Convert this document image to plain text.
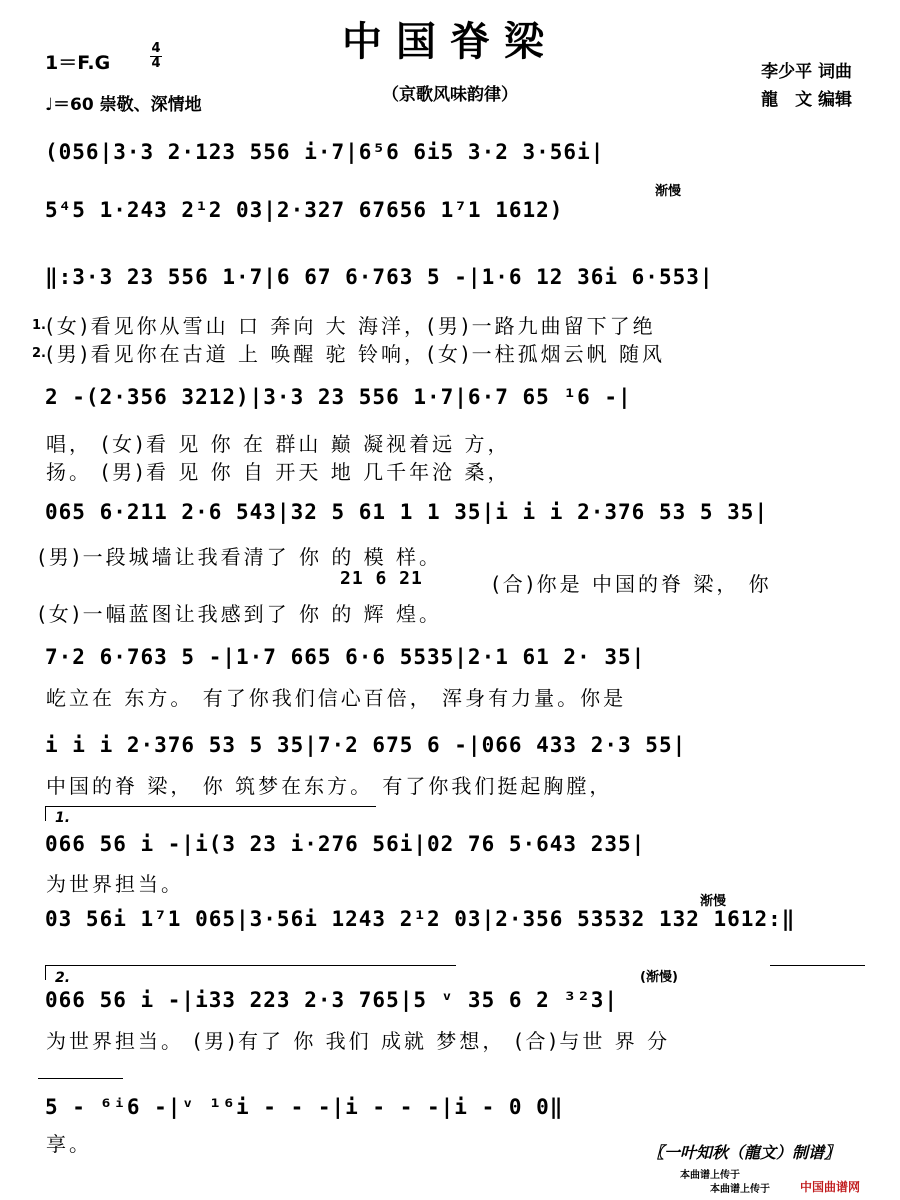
中国脊梁
（京歌风味韵律）
1＝F.G
4
4
♩＝60 崇敬、深情地
李少平 词曲
龍　文 编辑
(056|3·3 2·123 556 i·7|6⁵6 6i5 3·2 3·56i|
渐慢
5⁴5 1·243 2¹2 03|2·327 67656 1⁷1 1612)
‖:3·3 23 556 1·7|6 67 6·763 5 -|1·6 12 36i 6·553|
1. (女)看见你从雪山 口 奔向 大 海洋，(男)一路九曲留下了绝
2. (男)看见你在古道 上 唤醒 驼 铃响，(女)一柱孤烟云帆 随风
2 -(2·356 3212)|3·3 23 556 1·7|6·7 65 ¹6 -|
唱， (女)看 见 你 在 群山 巅 凝视着远 方，
扬。 (男)看 见 你 自 开天 地 几千年沧 桑，
065 6·211 2·6 543|32 5 61 1 1 35|i i i 2·376 53 5 35|
(男)一段城墙让我看清了 你 的 模 样。
21 6 21	(合)你是 中国的脊 梁， 你
(女)一幅蓝图让我感到了 你 的 辉 煌。
7·2 6·763 5 -|1·7 665 6·6 5535|2·1 61 2· 35|
屹立在 东方。 有了你我们信心百倍， 浑身有力量。你是
i i i 2·376 53 5 35|7·2 675 6 -|066 433 2·3 55|
中国的脊 梁， 你 筑梦在东方。 有了你我们挺起胸膛，
1.
066 56 i -|i(3 23 i·276 56i|02 76 5·643 235|
为世界担当。
渐慢
03 56i 1⁷1 065|3·56i 1243 2¹2 03|2·356 53532 132 1612:‖
2.	(渐慢)
066 56 i -|i33 223 2·3 765|5 ᵛ 35 6 2 ³²3|
为世界担当。 (男)有了 你 我们 成就 梦想， (合)与世 界 分
5 - ⁶ⁱ6 -|ᵛ ¹⁶i - - -|i - - -|i - 0 0‖
享。	〖一叶知秋（龍文）制谱〗
本曲谱上传于
本曲谱上传于	中国曲谱网
